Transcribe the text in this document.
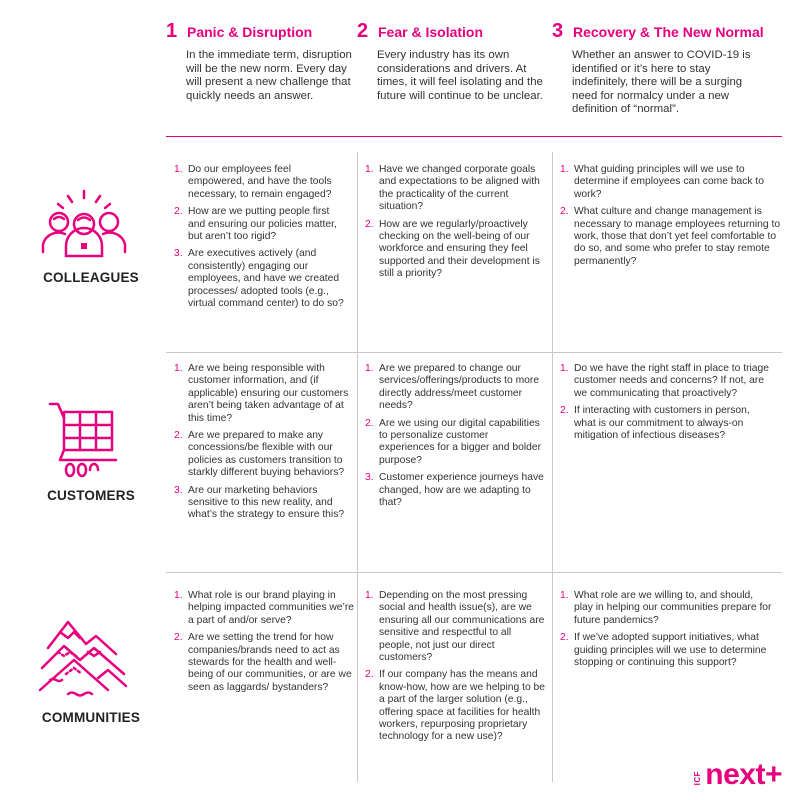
1 Panic & Disruption
In the immediate term, disruption will be the new norm. Every day will present a new challenge that quickly needs an answer.
2 Fear & Isolation
Every industry has its own considerations and drivers. At times, it will feel isolating and the future will continue to be unclear.
3 Recovery & The New Normal
Whether an answer to COVID-19 is identified or it’s here to stay indefinitely, there will be a surging need for normalcy under a new definition of “normal”.
COLLEAGUES
CUSTOMERS
COMMUNITIES
1. Do our employees feel empowered, and have the tools necessary, to remain engaged?
2. How are we putting people first and ensuring our policies matter, but aren’t too rigid?
3. Are executives actively (and consistently) engaging our employees, and have we created processes/ adopted tools (e.g., virtual command center) to do so?
1. Have we changed corporate goals and expectations to be aligned with the practicality of the current situation?
2. How are we regularly/proactively checking on the well-being of our workforce and ensuring they feel supported and their development is still a priority?
1. What guiding principles will we use to determine if employees can come back to work?
2. What culture and change management is necessary to manage employees returning to work, those that don’t yet feel comfortable to do so, and some who prefer to stay remote permanently?
1. Are we being responsible with customer information, and (if applicable) ensuring our customers aren’t being taken advantage of at this time?
2. Are we prepared to make any concessions/be flexible with our policies as customers transition to starkly different buying behaviors?
3. Are our marketing behaviors sensitive to this new reality, and what’s the strategy to ensure this?
1. Are we prepared to change our services/offerings/products to more directly address/meet customer needs?
2. Are we using our digital capabilities to personalize customer experiences for a bigger and bolder purpose?
3. Customer experience journeys have changed, how are we adapting to that?
1. Do we have the right staff in place to triage customer needs and concerns? If not, are we communicating that proactively?
2. If interacting with customers in person, what is our commitment to always-on mitigation of infectious diseases?
1. What role is our brand playing in helping impacted communities we’re a part of and/or serve?
2. Are we setting the trend for how companies/brands need to act as stewards for the health and well-being of our communities, or are we seen as laggards/ bystanders?
1. Depending on the most pressing social and health issue(s), are we ensuring all our communications are sensitive and respectful to all people, not just our direct customers?
2. If our company has the means and know-how, how are we helping to be a part of the larger solution (e.g., offering space at facilities for health workers, repurposing proprietary technology for a new use)?
1. What role are we willing to, and should, play in helping our communities prepare for future pandemics?
2. If we’ve adopted support initiatives, what guiding principles will we use to determine stopping or continuing this support?
ICF next+
